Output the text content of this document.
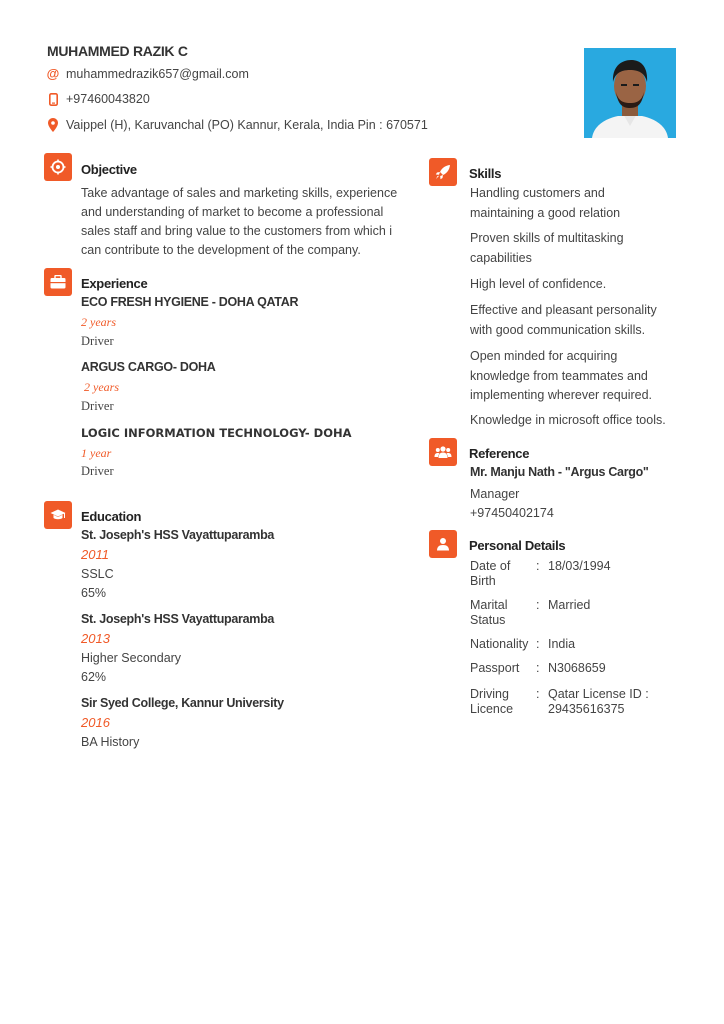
MUHAMMED RAZIK C
@ muhammedrazik657@gmail.com
+97460043820
Vaippel (H), Karuvanchal (PO) Kannur, Kerala, India Pin : 670571
Objective
Take advantage of sales and marketing skills, experience
and understanding of market to become a professional
sales staff and bring value to the customers from which i
can contribute to the development of the company.
Experience
ECO FRESH HYGIENE - DOHA QATAR
2 years
Driver
ARGUS CARGO- DOHA
2 years
Driver
LOGIC INFORMATION TECHNOLOGY- DOHA
1 year
Driver
Education
St. Joseph's HSS Vayattuparamba
2011
SSLC
65%
St. Joseph's HSS Vayattuparamba
2013
Higher Secondary
62%
Sir Syed College, Kannur University
2016
BA History
Skills
Handling customers and
maintaining a good relation
Proven skills of multitasking
capabilities
High level of confidence.
Effective and pleasant personality
with good communication skills.
Open minded for acquiring
knowledge from teammates and
implementing wherever required.
Knowledge in microsoft office tools.
Reference
Mr. Manju Nath - "Argus Cargo"
Manager
+97450402174
Personal Details
Date of
Birth
: 18/03/1994
Marital
Status
: Married
Nationality : India
Passport	: N3068659
Driving
Licence
: Qatar License ID :
29435616375
